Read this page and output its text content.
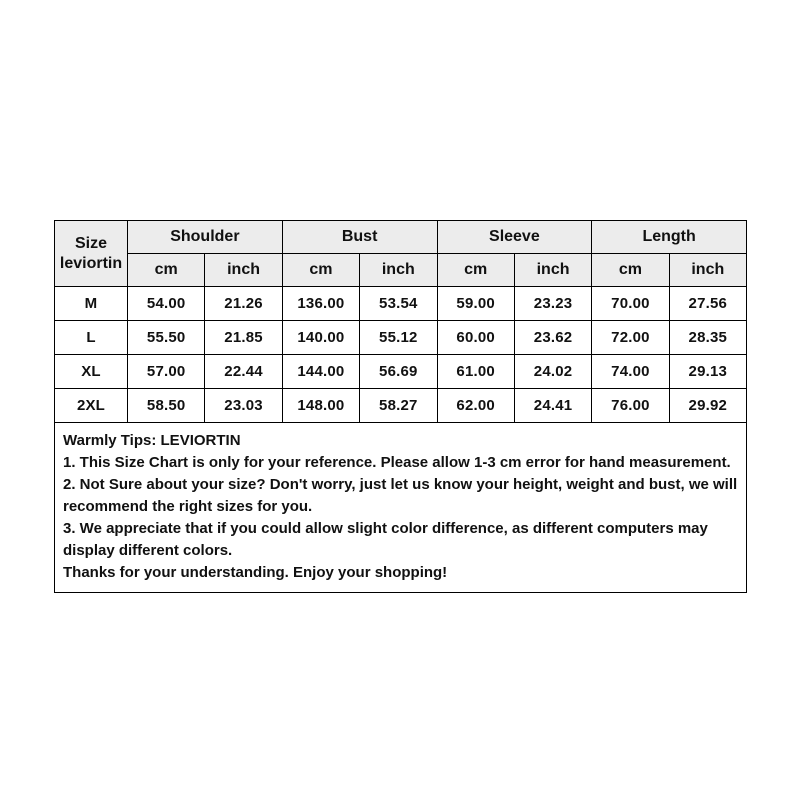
Size
leviortin	Shoulder		Bust		Sleeve		Length	
	cm	inch	cm	inch	cm	inch	cm	inch
M	54.00	21.26	136.00	53.54	59.00	23.23	70.00	27.56
L	55.50	21.85	140.00	55.12	60.00	23.62	72.00	28.35
XL	57.00	22.44	144.00	56.69	61.00	24.02	74.00	29.13
2XL	58.50	23.03	148.00	58.27	62.00	24.41	76.00	29.92

Warmly Tips: LEVIORTIN
1. This Size Chart is only for your reference. Please allow 1-3 cm error for hand measurement.
2. Not Sure about your size? Don't worry, just let us know your height, weight and bust, we will recommend the right sizes for you.
3. We appreciate that if you could allow slight color difference, as different computers may display different colors.
Thanks for your understanding. Enjoy your shopping!								
